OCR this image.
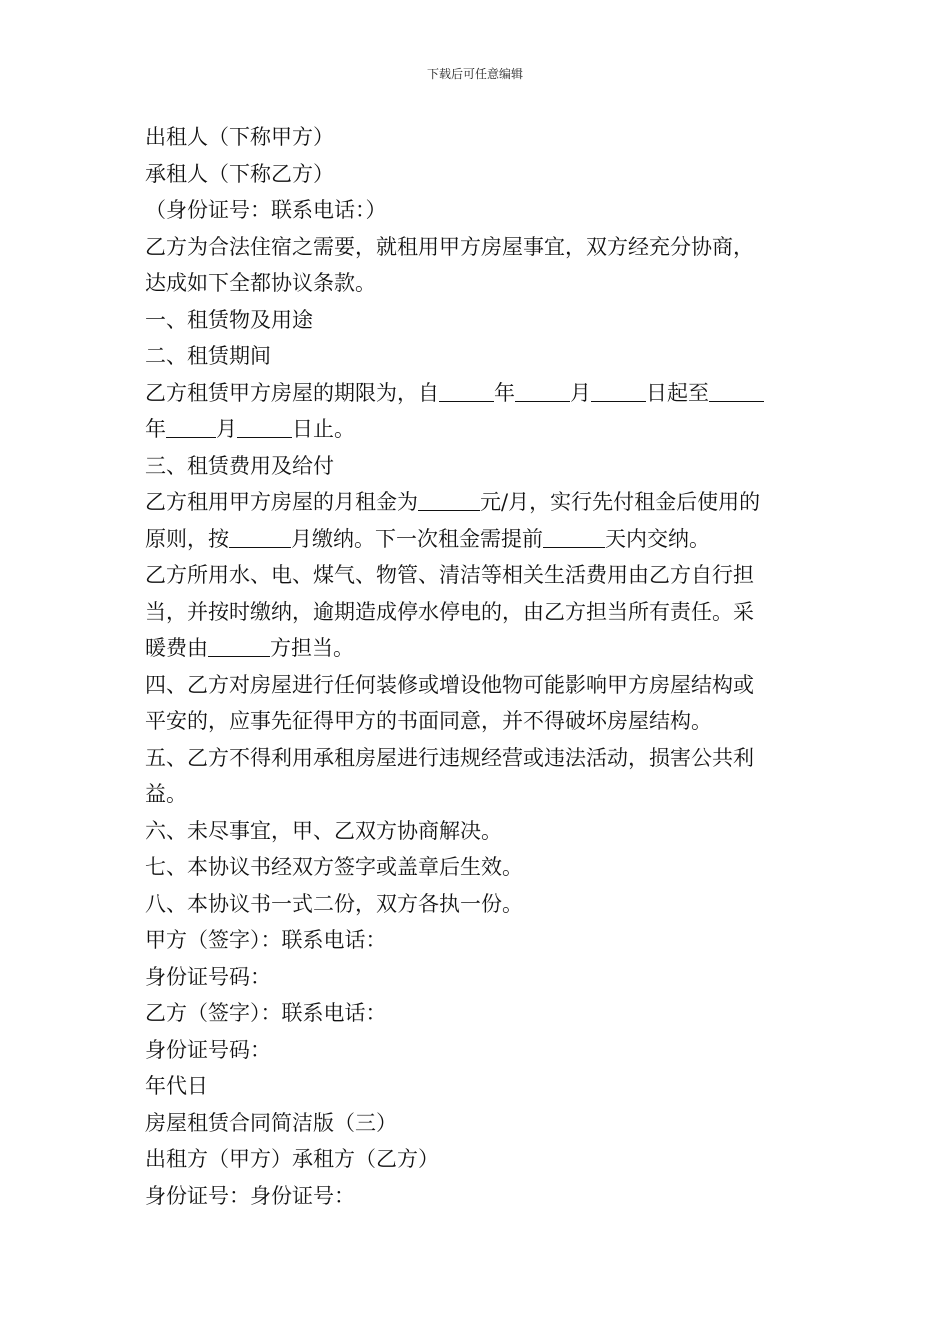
下载后可任意编辑
出租人（下称甲方）
承租人（下称乙方）
（身份证号：联系电话：）
乙方为合法住宿之需要，就租用甲方房屋事宜，双方经充分协商，
达成如下全都协议条款。
一、租赁物及用途
二、租赁期间
乙方租赁甲方房屋的期限为，自	年	月	日起至
年 月	日止。
三、租赁费用及给付
乙方租用甲方房屋的月租金为	元/月，实行先付租金后使用的
原则，按	月缴纳。下一次租金需提前	天内交纳。
乙方所用水、电、煤气、物管、清洁等相关生活费用由乙方自行担
当，并按时缴纳，逾期造成停水停电的，由乙方担当所有责任。采
暖费由	方担当。
四、乙方对房屋进行任何装修或增设他物可能影响甲方房屋结构或
平安的，应事先征得甲方的书面同意，并不得破坏房屋结构。
五、乙方不得利用承租房屋进行违规经营或违法活动，损害公共利
益。
六、未尽事宜，甲、乙双方协商解决。
七、本协议书经双方签字或盖章后生效。
八、本协议书一式二份，双方各执一份。
甲方（签字）：联系电话：
身份证号码：
乙方（签字）：联系电话：
身份证号码：
年代日
房屋租赁合同简洁版（三）
出租方（甲方）承租方（乙方）
身份证号：身份证号：
